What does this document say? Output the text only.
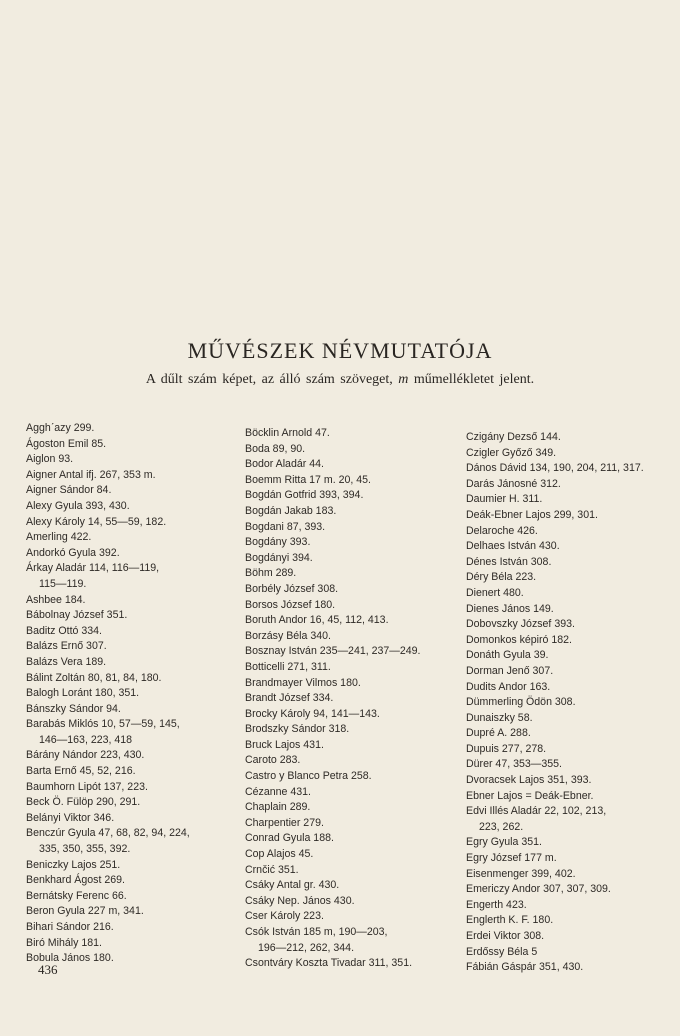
MŰVÉSZEK NÉVMUTATÓJA
A dűlt szám képet, az álló szám szöveget, m műmellékletet jelent.
Agghˊazy 299.
Ágoston Emil 85.
Aiglon 93.
Aigner Antal ifj. 267, 353 m.
Aigner Sándor 84.
Alexy Gyula 393, 430.
Alexy Károly 14, 55—59, 182.
Amerling 422.
Andorkó Gyula 392.
Árkay Aladár 114, 116—119,
115—119.
Ashbee 184.
Bábolnay József 351.
Baditz Ottó 334.
Balázs Ernő 307.
Balázs Vera 189.
Bálint Zoltán 80, 81, 84, 180.
Balogh Loránt 180, 351.
Bánszky Sándor 94.
Barabás Miklós 10, 57—59, 145,
146—163, 223, 418
Bárány Nándor 223, 430.
Barta Ernő 45, 52, 216.
Baumhorn Lipót 137, 223.
Beck Ö. Fülöp 290, 291.
Belányi Viktor 346.
Benczúr Gyula 47, 68, 82, 94, 224,
335, 350, 355, 392.
Beniczky Lajos 251.
Benkhard Ágost 269.
Bernátsky Ferenc 66.
Beron Gyula 227 m, 341.
Bihari Sándor 216.
Biró Mihály 181.
Bobula János 180.
Böcklin Arnold 47.
Boda 89, 90.
Bodor Aladár 44.
Boemm Ritta 17 m. 20, 45.
Bogdán Gotfrid 393, 394.
Bogdán Jakab 183.
Bogdani 87, 393.
Bogdány 393.
Bogdányi 394.
Böhm 289.
Borbély József 308.
Borsos József 180.
Boruth Andor 16, 45, 112, 413.
Borzásy Béla 340.
Bosznay István 235—241, 237—249.
Botticelli 271, 311.
Brandmayer Vilmos 180.
Brandt József 334.
Brocky Károly 94, 141—143.
Brodszky Sándor 318.
Bruck Lajos 431.
Caroto 283.
Castro y Blanco Petra 258.
Cézanne 431.
Chaplain 289.
Charpentier 279.
Conrad Gyula 188.
Cop Alajos 45.
Crnčić 351.
Csáky Antal gr. 430.
Csáky Nep. János 430.
Cser Károly 223.
Csók István 185 m, 190—203,
196—212, 262, 344.
Csontváry Koszta Tivadar 311, 351.
Czigány Dezső 144.
Czigler Győző 349.
Dános Dávid 134, 190, 204, 211, 317.
Darás Jánosné 312.
Daumier H. 311.
Deák-Ebner Lajos 299, 301.
Delaroche 426.
Delhaes István 430.
Dénes István 308.
Déry Béla 223.
Dienert 480.
Dienes János 149.
Dobovszky József 393.
Domonkos képiró 182.
Donáth Gyula 39.
Dorman Jenő 307.
Dudits Andor 163.
Dümmerling Ödön 308.
Dunaiszky 58.
Dupré A. 288.
Dupuis 277, 278.
Dürer 47, 353—355.
Dvoracsek Lajos 351, 393.
Ebner Lajos = Deák-Ebner.
Edvi Illés Aladár 22, 102, 213,
223, 262.
Egry Gyula 351.
Egry József 177 m.
Eisenmenger 399, 402.
Emericzy Andor 307, 307, 309.
Engerth 423.
Englerth K. F. 180.
Erdei Viktor 308.
Erdőssy Béla 5
Fábián Gáspár 351, 430.
436
